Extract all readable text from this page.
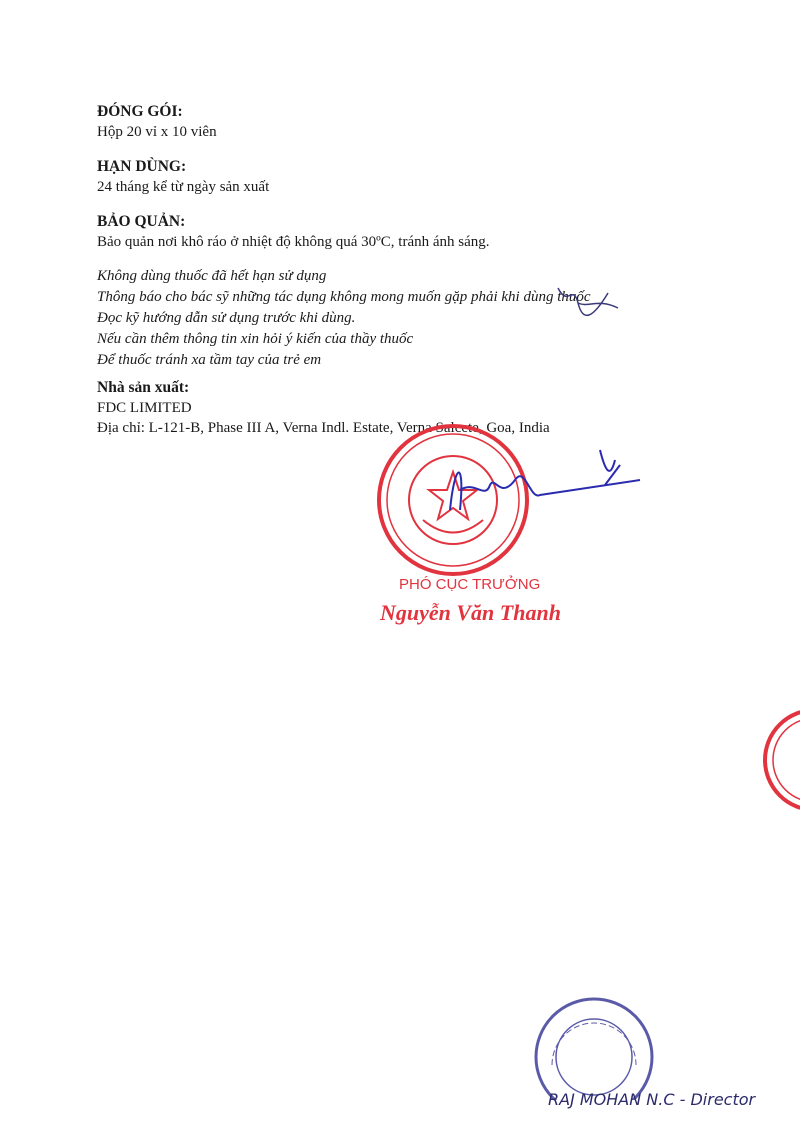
ĐÓNG GÓI:
Hộp 20 vỉ x 10 viên
HẠN DÙNG:
24 tháng kể từ ngày sản xuất
BẢO QUẢN:
Bảo quản nơi khô ráo ở nhiệt độ không quá 30ºC, tránh ánh sáng.
Không dùng thuốc đã hết hạn sử dụng
Thông báo cho bác sỹ những tác dụng không mong muốn gặp phải khi dùng thuốc
Đọc kỹ hướng dẫn sử dụng trước khi dùng.
Nếu cần thêm thông tin xin hỏi ý kiến của thầy thuốc
Để thuốc tránh xa tầm tay của trẻ em
Nhà sản xuất:
FDC LIMITED
Địa chỉ: L-121-B, Phase III A, Verna Indl. Estate, Verna Salcete, Goa, India
PHÓ CỤC TRƯỞNG
Nguyễn Văn Thanh
RAJ MOHAN N.C - Director
